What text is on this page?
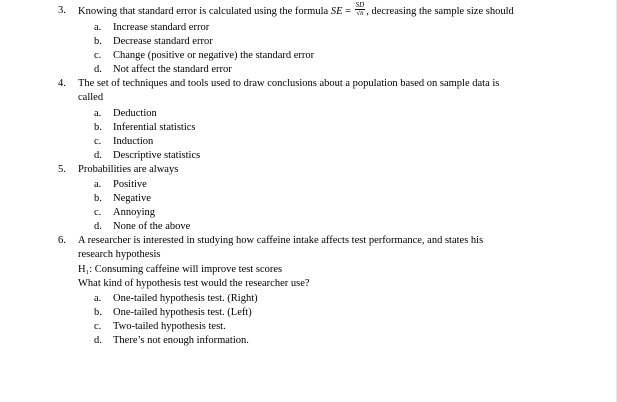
3.	Knowing that standard error is calculated using the formula SE = $\frac{SD}{√n}$ , decreasing the sample size should
a.	Increase standard error
b.	Decrease standard error
c.	Change (positive or negative) the standard error
d.	Not affect the standard error
4.	The set of techniques and tools used to draw conclusions about a population based on sample data is
called
a.	Deduction
b.	Inferential statistics
c.	Induction
d.	Descriptive statistics
5.	Probabilities are always
a.	Positive
b.	Negative
c.	Annoying
d.	None of the above
6.	A researcher is interested in studying how caffeine intake affects test performance, and states his
research hypothesis
H₁: Consuming caffeine will improve test scores
What kind of hypothesis test would the researcher use?
a.	One-tailed hypothesis test. (Right)
b.	One-tailed hypothesis test. (Left)
c.	Two-tailed hypothesis test.
d.	There’s not enough information.
